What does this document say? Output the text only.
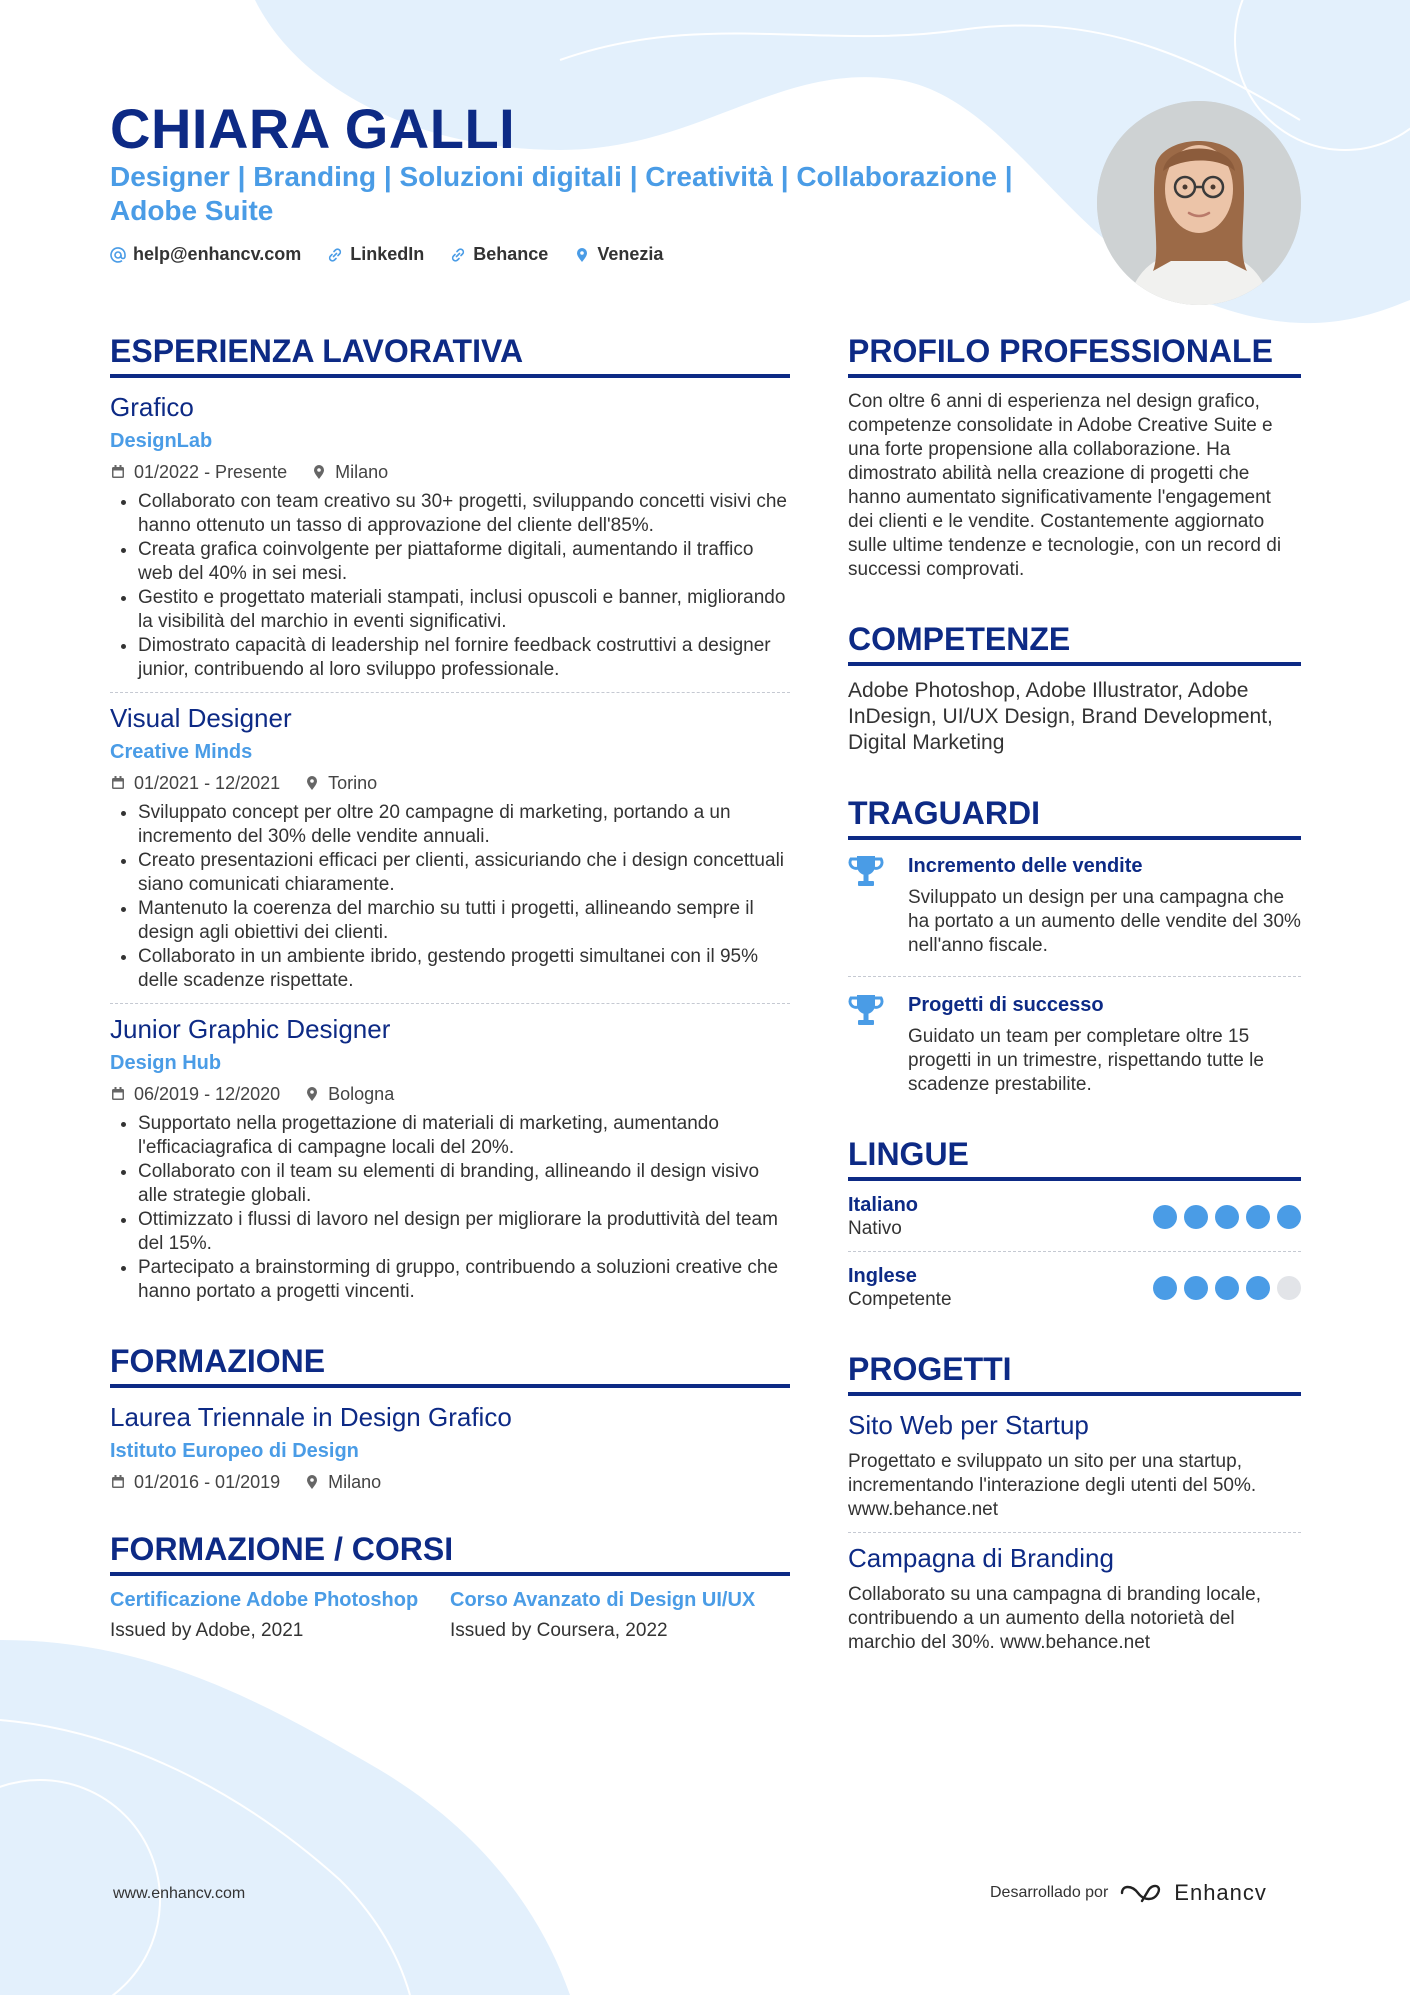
CHIARA GALLI
Designer | Branding | Soluzioni digitali | Creatività | Collaborazione | Adobe Suite
help@enhancv.com	LinkedIn	Behance	Venezia
ESPERIENZA LAVORATIVA
Grafico
DesignLab
01/2022 - Presente	Milano
• Collaborato con team creativo su 30+ progetti, sviluppando concetti visivi che hanno ottenuto un tasso di approvazione del cliente dell'85%.
• Creata grafica coinvolgente per piattaforme digitali, aumentando il traffico web del 40% in sei mesi.
• Gestito e progettato materiali stampati, inclusi opuscoli e banner, migliorando la visibilità del marchio in eventi significativi.
• Dimostrato capacità di leadership nel fornire feedback costruttivi a designer junior, contribuendo al loro sviluppo professionale.
Visual Designer
Creative Minds
01/2021 - 12/2021	Torino
• Sviluppato concept per oltre 20 campagne di marketing, portando a un incremento del 30% delle vendite annuali.
• Creato presentazioni efficaci per clienti, assicuriando che i design concettuali siano comunicati chiaramente.
• Mantenuto la coerenza del marchio su tutti i progetti, allineando sempre il design agli obiettivi dei clienti.
• Collaborato in un ambiente ibrido, gestendo progetti simultanei con il 95% delle scadenze rispettate.
Junior Graphic Designer
Design Hub
06/2019 - 12/2020	Bologna
• Supportato nella progettazione di materiali di marketing, aumentando l'efficaciagrafica di campagne locali del 20%.
• Collaborato con il team su elementi di branding, allineando il design visivo alle strategie globali.
• Ottimizzato i flussi di lavoro nel design per migliorare la produttività del team del 15%.
• Partecipato a brainstorming di gruppo, contribuendo a soluzioni creative che hanno portato a progetti vincenti.
FORMAZIONE
Laurea Triennale in Design Grafico
Istituto Europeo di Design
01/2016 - 01/2019	Milano
FORMAZIONE / CORSI
Certificazione Adobe Photoshop
Issued by Adobe, 2021
Corso Avanzato di Design UI/UX
Issued by Coursera, 2022
PROFILO PROFESSIONALE
Con oltre 6 anni di esperienza nel design grafico, competenze consolidate in Adobe Creative Suite e una forte propensione alla collaborazione. Ha dimostrato abilità nella creazione di progetti che hanno aumentato significativamente l'engagement dei clienti e le vendite. Costantemente aggiornato sulle ultime tendenze e tecnologie, con un record di successi comprovati.
COMPETENZE
Adobe Photoshop, Adobe Illustrator, Adobe InDesign, UI/UX Design, Brand Development, Digital Marketing
TRAGUARDI
Incremento delle vendite
Sviluppato un design per una campagna che ha portato a un aumento delle vendite del 30% nell'anno fiscale.
Progetti di successo
Guidato un team per completare oltre 15 progetti in un trimestre, rispettando tutte le scadenze prestabilite.
LINGUE
Italiano
Nativo
Inglese
Competente
PROGETTI
Sito Web per Startup
Progettato e sviluppato un sito per una startup, incrementando l'interazione degli utenti del 50%. www.behance.net
Campagna di Branding
Collaborato su una campagna di branding locale, contribuendo a un aumento della notorietà del marchio del 30%. www.behance.net
www.enhancv.com	Desarrollado por	Enhancv
